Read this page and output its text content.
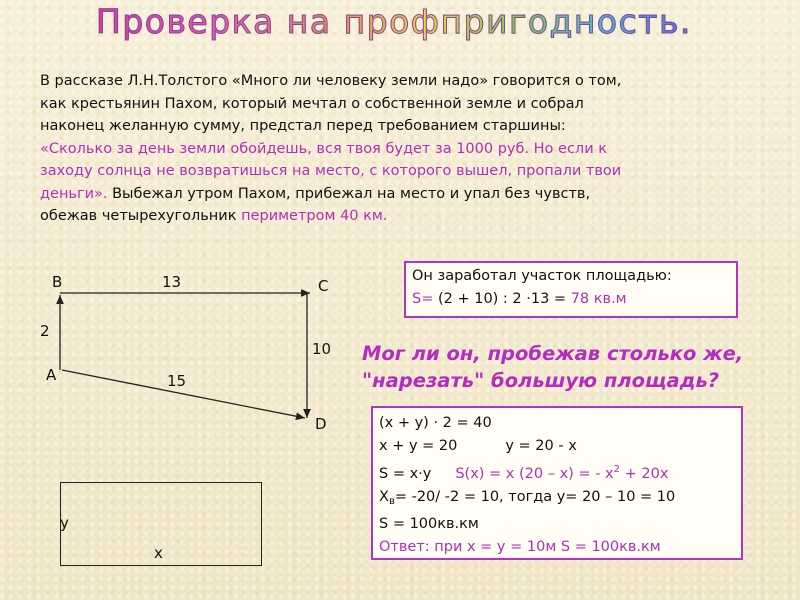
Проверка на профпригодность.
В рассказе Л.Н.Толстого «Много ли человеку земли надо» говорится о том,
как крестьянин Пахом, который мечтал о собственной земле и собрал
наконец желанную сумму, предстал перед требованием старшины:
«Сколько за день земли обойдешь, вся твоя будет за 1000 руб. Но если к
заходу солнца не возвратишься на место, с которого вышел, пропали твои
деньги». Выбежал утром Пахом, прибежал на место и упал без чувств,
обежав четырехугольник периметром 40 км.
B	13	C
2
10
A	15
D
Он заработал участок площадью:
S= (2 + 10) : 2 ·13 = 78 кв.м
Мог ли он, пробежав столько же,
"нарезать" большую площадь?
(x + y) · 2 = 40
x + y = 20	y = 20 - x
S = x·y S(x) = x (20 – x) = - $x^2 + 20x$
$X_в= -20/$ -2 = 10, тогда y= 20 – 10 = 10
S = 100кв.км
Ответ: при x = y = 10м S = 100кв.км
y
x
